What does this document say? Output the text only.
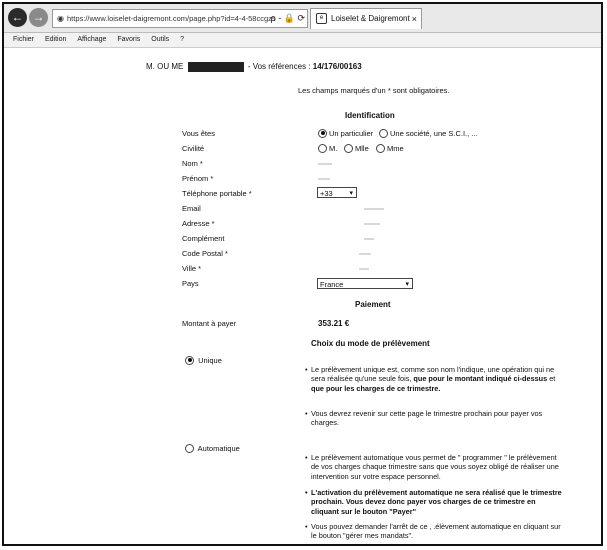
← →	◉ https://www.loiselet-daigremont.com/page.php?id=4-4-58ccgzs
ρ - 🔒 ⟳	e Loiselet & Daigremont ×
Fichier Edition Affichage Favoris Outils ?
M. OU ME	- Vos références : 14/176/00163
Les champs marqués d'un * sont obligatoires.
Identification
Vous êtes	Un particulier	Une société, une S.C.I., ...
Civilité	M.	Mlle	Mme
Nom *
Prénom *
Téléphone portable *	+33 ▾
Email
Adresse *
Complément
Code Postal *
Ville *
Pays	France	▾
Paiement
Montant à payer	353.21 €
Choix du mode de prélèvement
Unique
• Le prélèvement unique est, comme son nom l'indique, une opération qui ne sera réalisée qu'une seule fois, que pour le montant indiqué ci-dessus et que pour les charges de ce trimestre.
• Vous devrez revenir sur cette page le trimestre prochain pour payer vos charges.
Automatique
• Le prélèvement automatique vous permet de " programmer " le prélèvement de vos charges chaque trimestre sans que vous soyez obligé de réaliser une intervention sur votre espace personnel.
• L'activation du prélèvement automatique ne sera réalisé que le trimestre prochain. Vous devez donc payer vos charges de ce trimestre en cliquant sur le bouton "Payer"
• Vous pouvez demander l'arrêt de ce ‚ .élèvement automatique en cliquant sur le bouton "gérer mes mandats".
